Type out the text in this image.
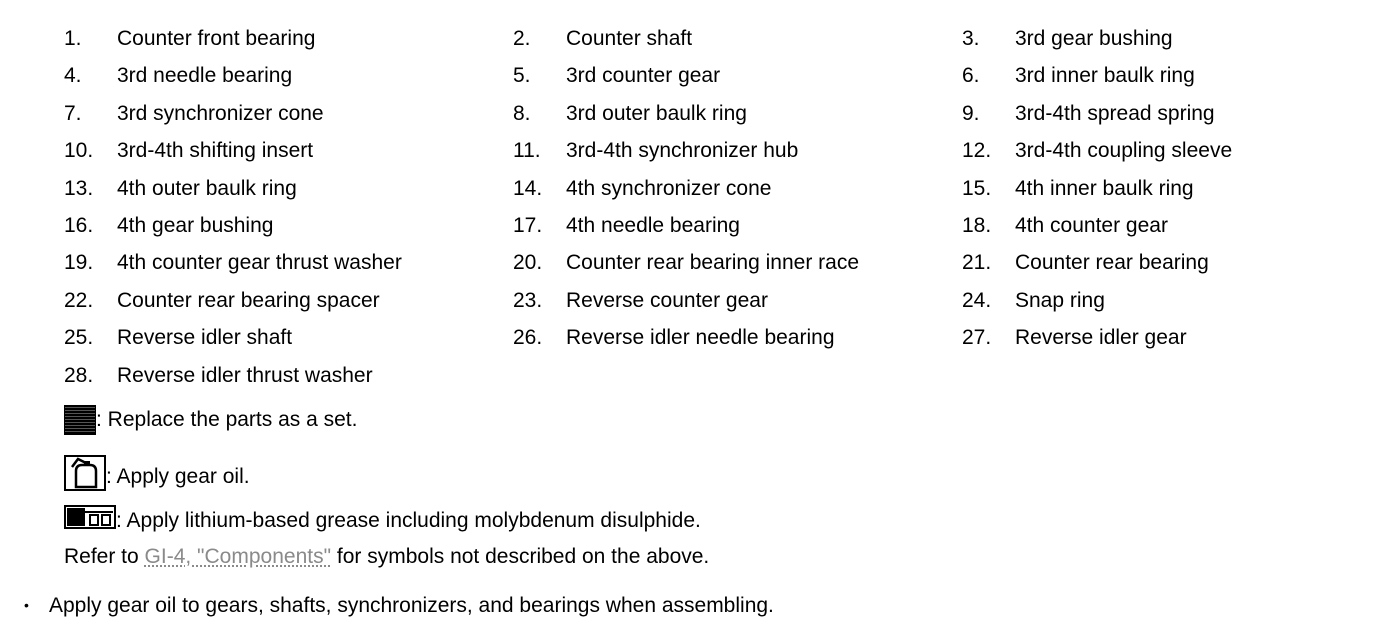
1. Counter front bearing	2. Counter shaft	3. 3rd gear bushing
4. 3rd needle bearing	5. 3rd counter gear	6. 3rd inner baulk ring
7. 3rd synchronizer cone	8. 3rd outer baulk ring	9. 3rd-4th spread spring
10. 3rd-4th shifting insert	11. 3rd-4th synchronizer hub	12. 3rd-4th coupling sleeve
13. 4th outer baulk ring	14. 4th synchronizer cone	15. 4th inner baulk ring
16. 4th gear bushing	17. 4th needle bearing	18. 4th counter gear
19. 4th counter gear thrust washer	20. Counter rear bearing inner race	21. Counter rear bearing
22. Counter rear bearing spacer	23. Reverse counter gear	24. Snap ring
25. Reverse idler shaft	26. Reverse idler needle bearing	27. Reverse idler gear
28. Reverse idler thrust washer
: Replace the parts as a set.
: Apply gear oil.
: Apply lithium-based grease including molybdenum disulphide.
Refer to GI-4, "Components" for symbols not described on the above.
• Apply gear oil to gears, shafts, synchronizers, and bearings when assembling.
